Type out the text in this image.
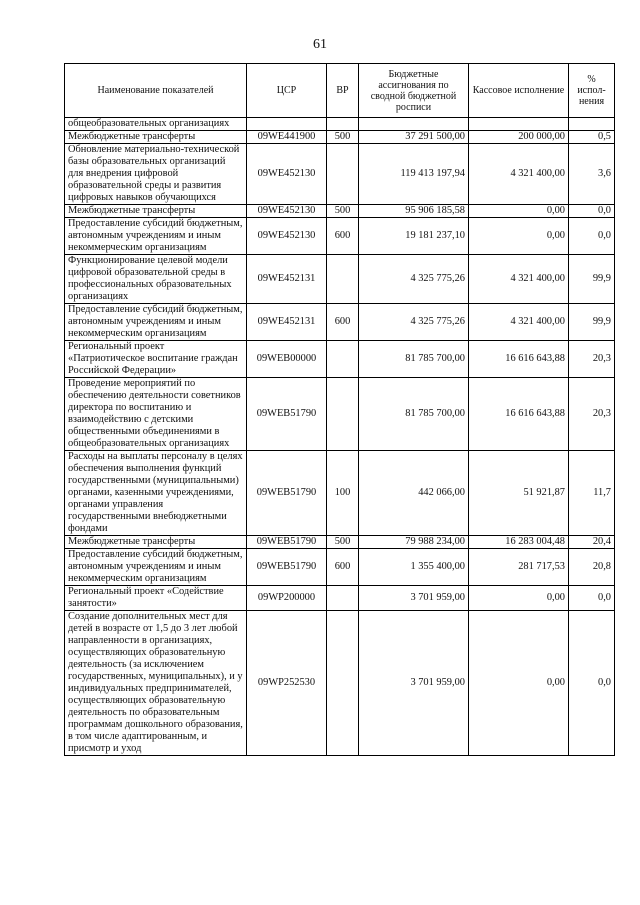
61
Наименование показателей	ЦСР	ВР	Бюджетные ассигнования по сводной бюджетной росписи	Кассовое исполнение	% испол-нения
общеобразовательных организациях					
Межбюджетные трансферты	09WE441900	500	37 291 500,00	200 000,00	0,5
Обновление материально-технической базы образовательных организаций для внедрения цифровой образовательной среды и развития цифровых навыков обучающихся	09WE452130		119 413 197,94	4 321 400,00	3,6
Межбюджетные трансферты	09WE452130	500	95 906 185,58	0,00	0,0
Предоставление субсидий бюджетным, автономным учреждениям и иным некоммерческим организациям	09WE452130	600	19 181 237,10	0,00	0,0
Функционирование целевой модели цифровой образовательной среды в профессиональных образовательных организациях	09WE452131		4 325 775,26	4 321 400,00	99,9
Предоставление субсидий бюджетным, автономным учреждениям и иным некоммерческим организациям	09WE452131	600	4 325 775,26	4 321 400,00	99,9
Региональный проект «Патриотическое воспитание граждан Российской Федерации»	09WEB00000		81 785 700,00	16 616 643,88	20,3
Проведение мероприятий по обеспечению деятельности советников директора по воспитанию и взаимодействию с детскими общественными объединениями в общеобразовательных организациях	09WEB51790		81 785 700,00	16 616 643,88	20,3
Расходы на выплаты персоналу в целях обеспечения выполнения функций государственными (муниципальными) органами, казенными учреждениями, органами управления государственными внебюджетными фондами	09WEB51790	100	442 066,00	51 921,87	11,7
Межбюджетные трансферты	09WEB51790	500	79 988 234,00	16 283 004,48	20,4
Предоставление субсидий бюджетным, автономным учреждениям и иным некоммерческим организациям	09WEB51790	600	1 355 400,00	281 717,53	20,8
Региональный проект «Содействие занятости»	09WP200000		3 701 959,00	0,00	0,0
Создание дополнительных мест для детей в возрасте от 1,5 до 3 лет любой направленности в организациях, осуществляющих образовательную деятельность (за исключением государственных, муниципальных), и у индивидуальных предпринимателей, осуществляющих образовательную деятельность по образовательным программам дошкольного образования, в том числе адаптированным, и присмотр и уход	09WP252530		3 701 959,00	0,00	0,0
